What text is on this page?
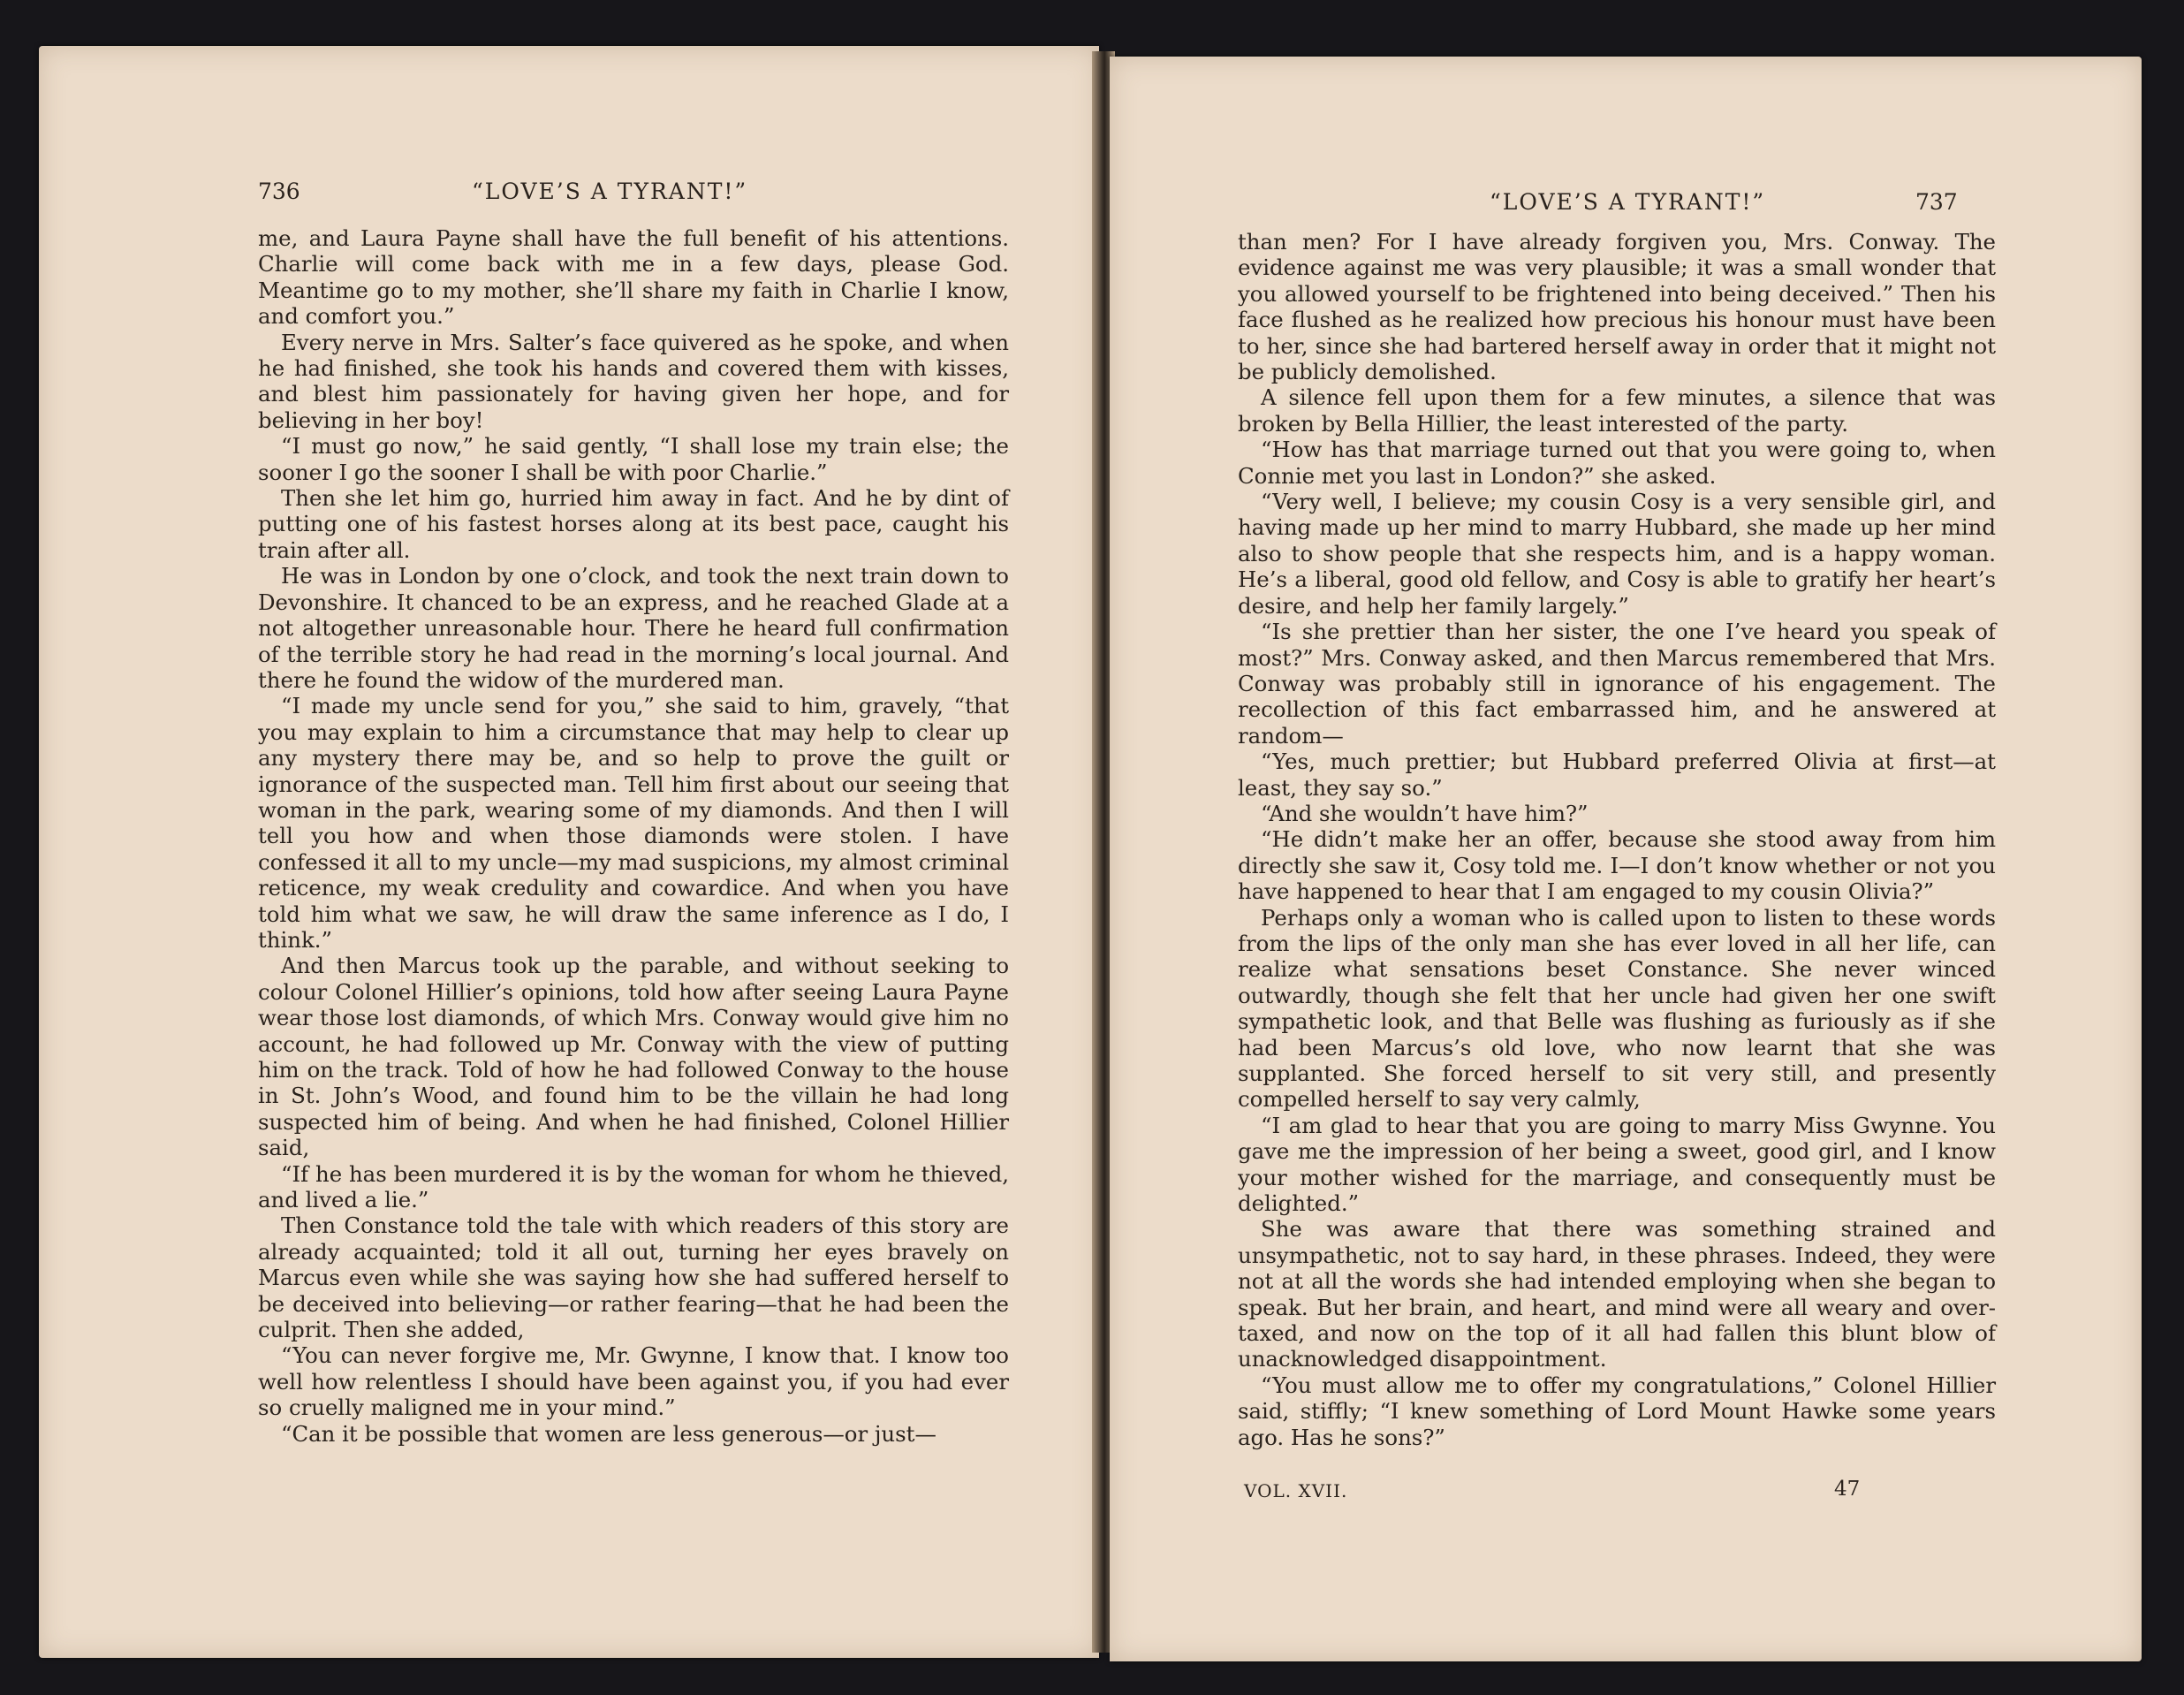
736	“LOVE’S A TYRANT!”

me, and Laura Payne shall have the full benefit of his attentions. Charlie will come back with me in a few days, please God. Meantime go to my mother, she’ll share my faith in Charlie I know, and comfort you.”

Every nerve in Mrs. Salter’s face quivered as he spoke, and when he had finished, she took his hands and covered them with kisses, and blest him passionately for having given her hope, and for believing in her boy!

“I must go now,” he said gently, “I shall lose my train else; the sooner I go the sooner I shall be with poor Charlie.”

Then she let him go, hurried him away in fact. And he by dint of putting one of his fastest horses along at its best pace, caught his train after all.

He was in London by one o’clock, and took the next train down to Devonshire. It chanced to be an express, and he reached Glade at a not altogether unreasonable hour. There he heard full confirmation of the terrible story he had read in the morning’s local journal. And there he found the widow of the murdered man.

“I made my uncle send for you,” she said to him, gravely, “that you may explain to him a circumstance that may help to clear up any mystery there may be, and so help to prove the guilt or ignorance of the suspected man. Tell him first about our seeing that woman in the park, wearing some of my diamonds. And then I will tell you how and when those diamonds were stolen. I have confessed it all to my uncle—my mad suspicions, my almost criminal reticence, my weak credulity and cowardice. And when you have told him what we saw, he will draw the same inference as I do, I think.”

And then Marcus took up the parable, and without seeking to colour Colonel Hillier’s opinions, told how after seeing Laura Payne wear those lost diamonds, of which Mrs. Conway would give him no account, he had followed up Mr. Conway with the view of putting him on the track. Told of how he had followed Conway to the house in St. John’s Wood, and found him to be the villain he had long suspected him of being. And when he had finished, Colonel Hillier said,

“If he has been murdered it is by the woman for whom he thieved, and lived a lie.”

Then Constance told the tale with which readers of this story are already acquainted; told it all out, turning her eyes bravely on Marcus even while she was saying how she had suffered herself to be deceived into believing—or rather fearing—that he had been the culprit. Then she added,

“You can never forgive me, Mr. Gwynne, I know that. I know too well how relentless I should have been against you, if you had ever so cruelly maligned me in your mind.”

“Can it be possible that women are less generous—or just—

“LOVE’S A TYRANT!”	737

than men? For I have already forgiven you, Mrs. Conway. The evidence against me was very plausible; it was a small wonder that you allowed yourself to be frightened into being deceived.” Then his face flushed as he realized how precious his honour must have been to her, since she had bartered herself away in order that it might not be publicly demolished.

A silence fell upon them for a few minutes, a silence that was broken by Bella Hillier, the least interested of the party.

“How has that marriage turned out that you were going to, when Connie met you last in London?” she asked.

“Very well, I believe; my cousin Cosy is a very sensible girl, and having made up her mind to marry Hubbard, she made up her mind also to show people that she respects him, and is a happy woman. He’s a liberal, good old fellow, and Cosy is able to gratify her heart’s desire, and help her family largely.”

“Is she prettier than her sister, the one I’ve heard you speak of most?” Mrs. Conway asked, and then Marcus remembered that Mrs. Conway was probably still in ignorance of his engagement. The recollection of this fact embarrassed him, and he answered at random—

“Yes, much prettier; but Hubbard preferred Olivia at first—at least, they say so.”

“And she wouldn’t have him?”

“He didn’t make her an offer, because she stood away from him directly she saw it, Cosy told me. I—I don’t know whether or not you have happened to hear that I am engaged to my cousin Olivia?”

Perhaps only a woman who is called upon to listen to these words from the lips of the only man she has ever loved in all her life, can realize what sensations beset Constance. She never winced outwardly, though she felt that her uncle had given her one swift sympathetic look, and that Belle was flushing as furiously as if she had been Marcus’s old love, who now learnt that she was supplanted. She forced herself to sit very still, and presently compelled herself to say very calmly,

“I am glad to hear that you are going to marry Miss Gwynne. You gave me the impression of her being a sweet, good girl, and I know your mother wished for the marriage, and consequently must be delighted.”

She was aware that there was something strained and unsympathetic, not to say hard, in these phrases. Indeed, they were not at all the words she had intended employing when she began to speak. But her brain, and heart, and mind were all weary and over-taxed, and now on the top of it all had fallen this blunt blow of unacknowledged disappointment.

“You must allow me to offer my congratulations,” Colonel Hillier said, stiffly; “I knew something of Lord Mount Hawke some years ago. Has he sons?”

VOL. XVII.	47
